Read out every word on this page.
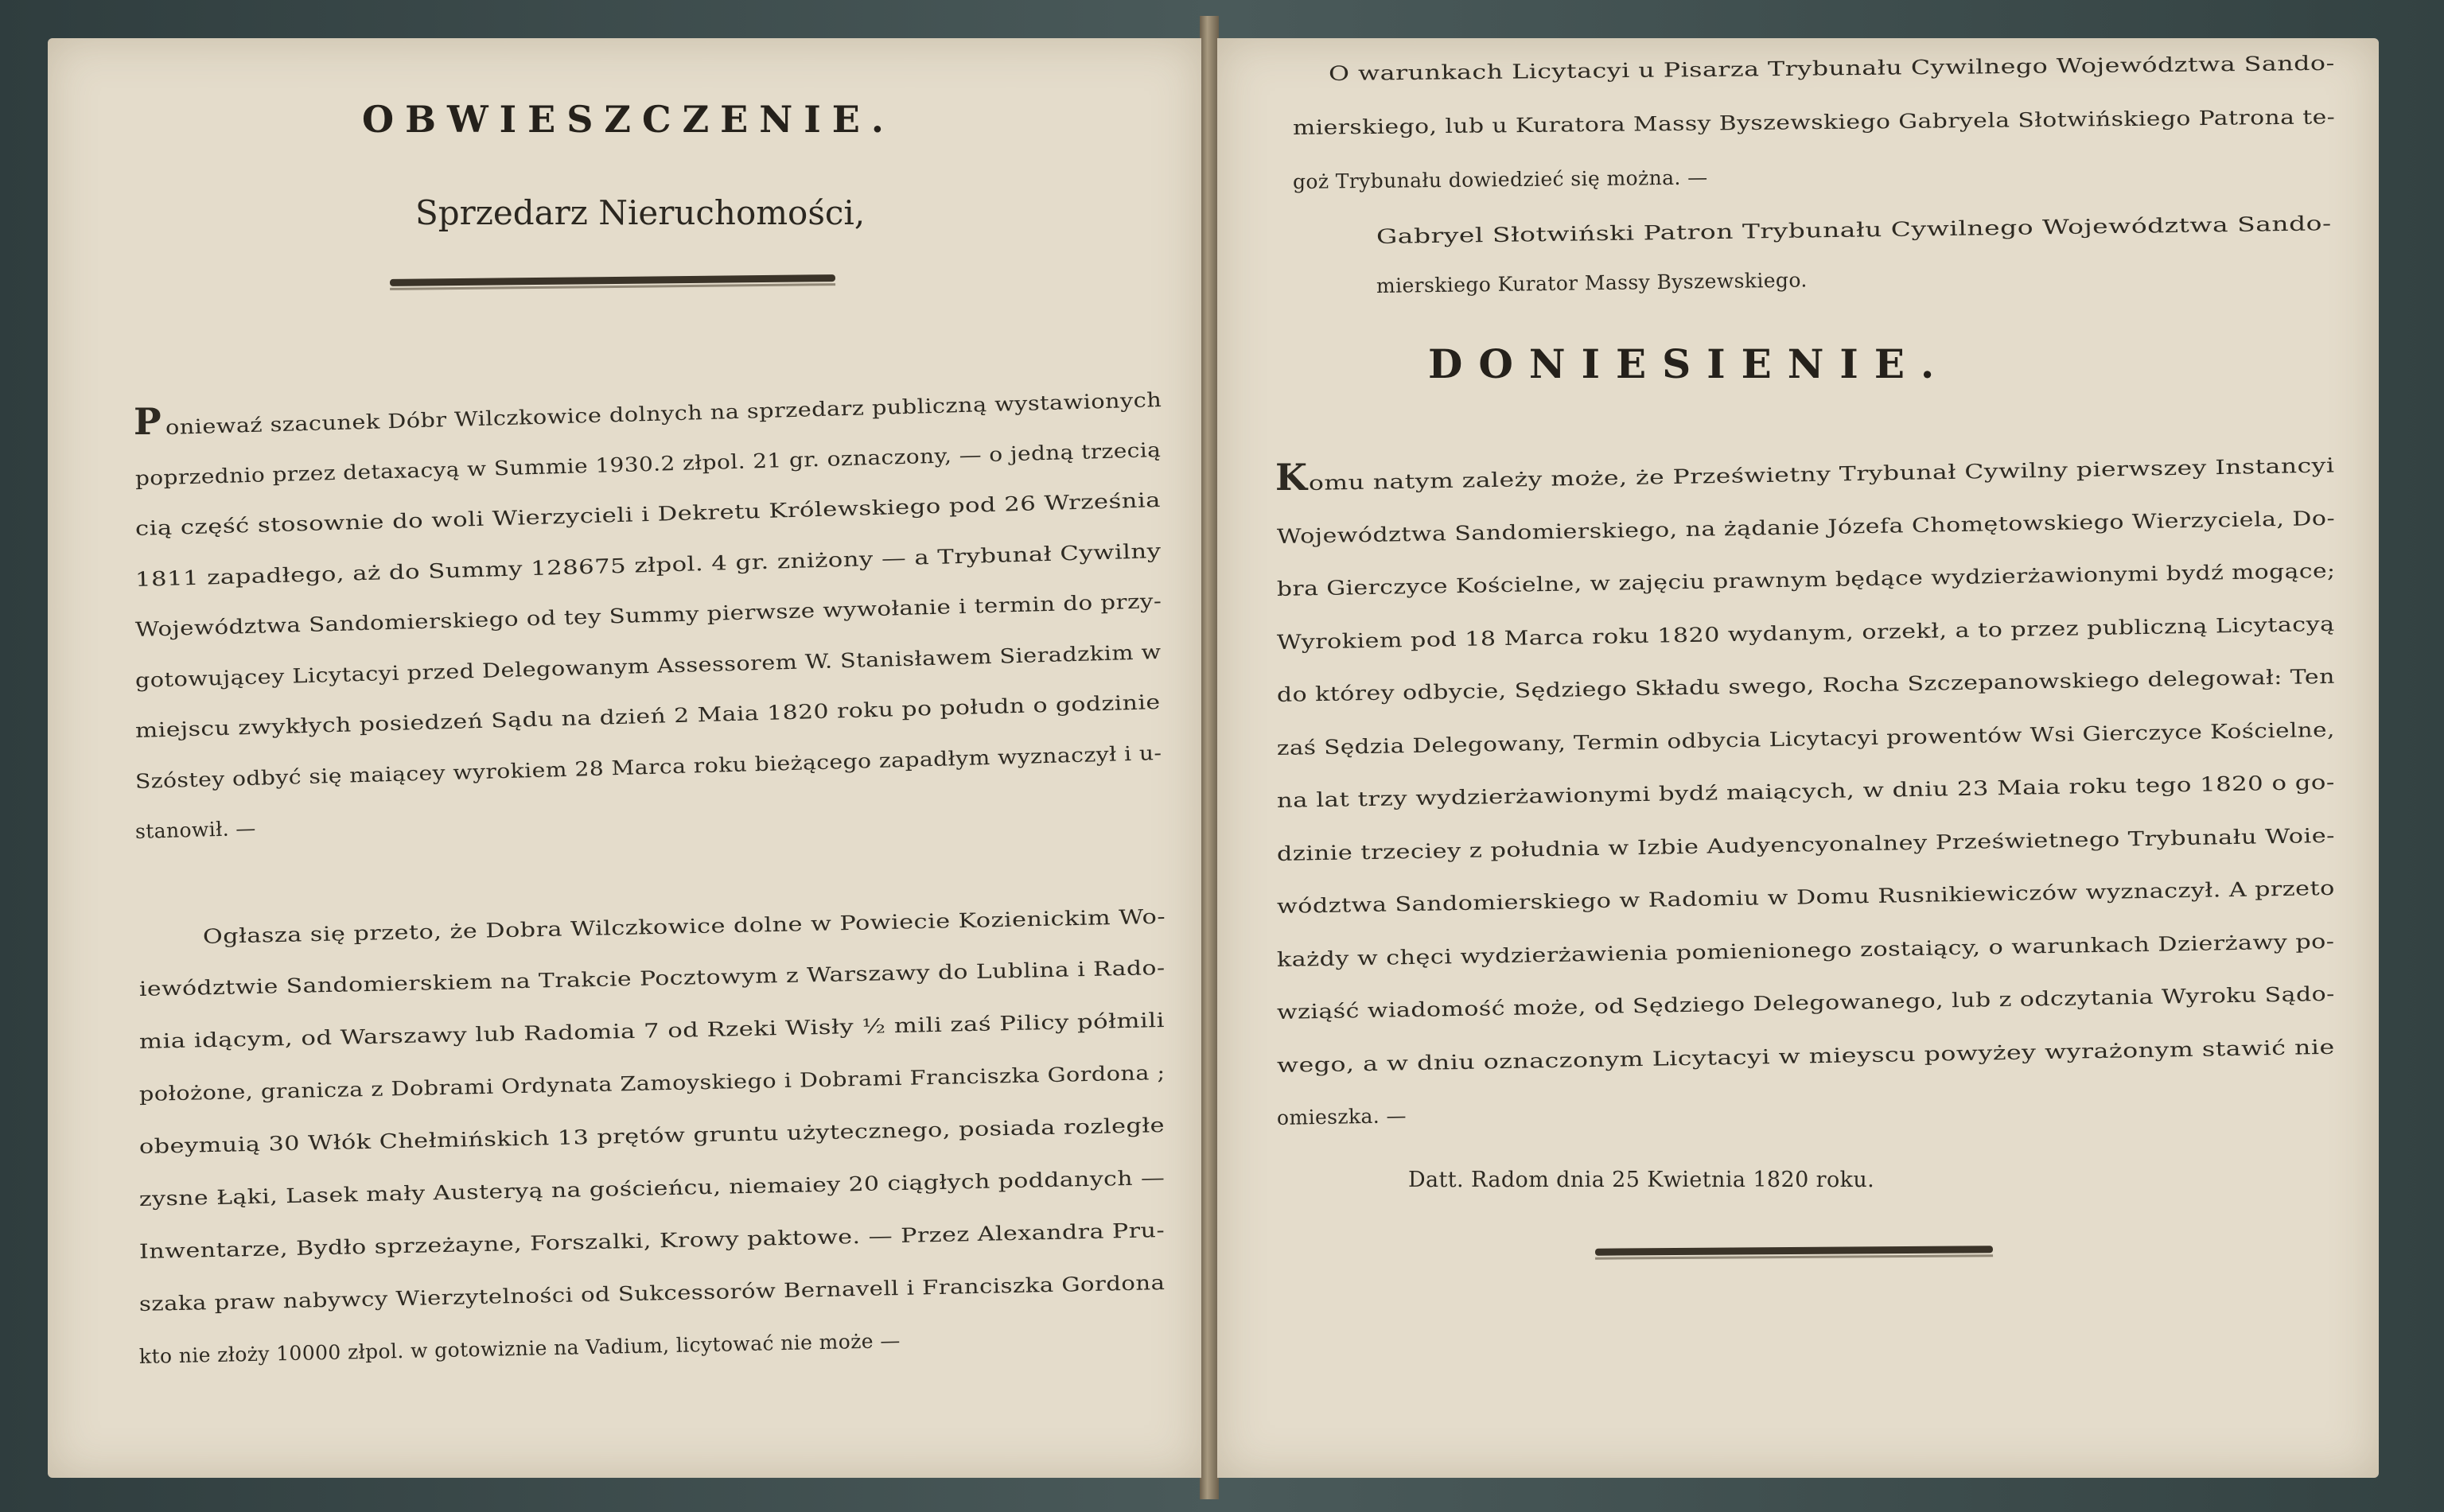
OBWIESZCZENIE.
Sprzedarz Nieruchomości,
oniewaź szacunek Dóbr Wilczkowice dolnych na sprzedarz publiczną wystawionych
poprzednio przez detaxacyą w Summie 1930.2 złpol. 21 gr. oznaczony, — o jedną trzecią
cią część stosownie do woli Wierzycieli i Dekretu Królewskiego pod 26 Września
1811 zapadłego, aż do Summy 128675 złpol. 4 gr. zniżony — a Trybunał Cywilny
Województwa Sandomierskiego od tey Summy pierwsze wywołanie i termin do przy-
gotowującey Licytacyi przed Delegowanym Assessorem W. Stanisławem Sieradzkim w
miejscu zwykłych posiedzeń Sądu na dzień 2 Maia 1820 roku po połudn o godzinie
Szóstey odbyć się maiącey wyrokiem 28 Marca roku bieżącego zapadłym wyznaczył i u-
stanowił. —
P
Ogłasza się przeto, że Dobra Wilczkowice dolne w Powiecie Kozienickim Wo-
iewództwie Sandomierskiem na Trakcie Pocztowym z Warszawy do Lublina i Rado-
mia idącym, od Warszawy lub Radomia 7 od Rzeki Wisły ½ mili zaś Pilicy półmili
położone, granicza z Dobrami Ordynata Zamoyskiego i Dobrami Franciszka Gordona ;
obeymuią 30 Włók Chełmińskich 13 prętów gruntu użytecznego, posiada rozległe
zysne Łąki, Lasek mały Austeryą na gościeńcu, niemaiey 20 ciągłych poddanych —
Inwentarze, Bydło sprzeżayne, Forszalki, Krowy paktowe. — Przez Alexandra Pru-
szaka praw nabywcy Wierzytelności od Sukcessorów Bernavell i Franciszka Gordona
kto nie złoży 10000 złpol. w gotowiznie na Vadium, licytować nie może —
O warunkach Licytacyi u Pisarza Trybunału Cywilnego Województwa Sando-
mierskiego, lub u Kuratora Massy Byszewskiego Gabryela Słotwińskiego Patrona te-
goż Trybunału dowiedzieć się można. —
Gabryel Słotwiński Patron Trybunału Cywilnego Województwa Sando-
mierskiego Kurator Massy Byszewskiego.
DONIESIENIE.
omu natym zależy może, że Prześwietny Trybunał Cywilny pierwszey Instancyi
Województwa Sandomierskiego, na żądanie Józefa Chomętowskiego Wierzyciela, Do-
bra Gierczyce Kościelne, w zajęciu prawnym będące wydzierżawionymi bydź mogące;
Wyrokiem pod 18 Marca roku 1820 wydanym, orzekł, a to przez publiczną Licytacyą
do którey odbycie, Sędziego Składu swego, Rocha Szczepanowskiego delegował: Ten
zaś Sędzia Delegowany, Termin odbycia Licytacyi prowentów Wsi Gierczyce Kościelne,
na lat trzy wydzierżawionymi bydź maiących, w dniu 23 Maia roku tego 1820 o go-
dzinie trzeciey z południa w Izbie Audyencyonalney Prześwietnego Trybunału Woie-
wództwa Sandomierskiego w Radomiu w Domu Rusnikiewiczów wyznaczył. A przeto
każdy w chęci wydzierżawienia pomienionego zostaiący, o warunkach Dzierżawy po-
wziąść wiadomość może, od Sędziego Delegowanego, lub z odczytania Wyroku Sądo-
wego, a w dniu oznaczonym Licytacyi w mieyscu powyżey wyrażonym stawić nie
omieszka. —
K
Datt. Radom dnia 25 Kwietnia 1820 roku.
